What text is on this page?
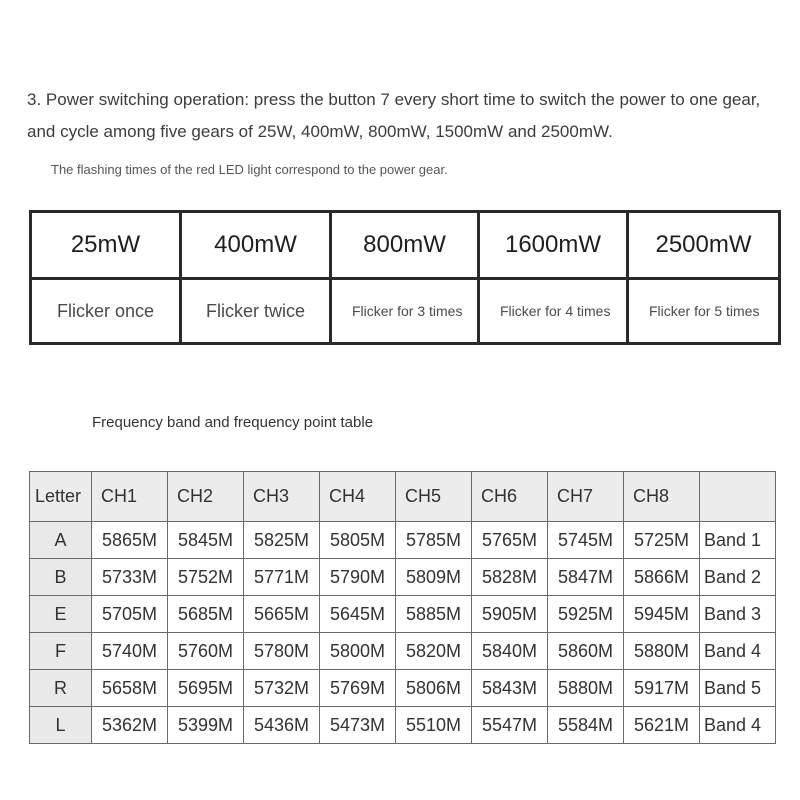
3. Power switching operation: press the button 7 every short time to switch the power to one gear, and cycle among five gears of 25W, 400mW, 800mW, 1500mW and 2500mW.

The flashing times of the red LED light correspond to the power gear.

25mW	400mW	800mW	1600mW	2500mW
Flicker once	Flicker twice	Flicker for 3 times	Flicker for 4 times	Flicker for 5 times

Frequency band and frequency point table

Letter	CH1	CH2	CH3	CH4	CH5	CH6	CH7	CH8	
A	5865M	5845M	5825M	5805M	5785M	5765M	5745M	5725M	Band 1
B	5733M	5752M	5771M	5790M	5809M	5828M	5847M	5866M	Band 2
E	5705M	5685M	5665M	5645M	5885M	5905M	5925M	5945M	Band 3
F	5740M	5760M	5780M	5800M	5820M	5840M	5860M	5880M	Band 4
R	5658M	5695M	5732M	5769M	5806M	5843M	5880M	5917M	Band 5
L	5362M	5399M	5436M	5473M	5510M	5547M	5584M	5621M	Band 4
